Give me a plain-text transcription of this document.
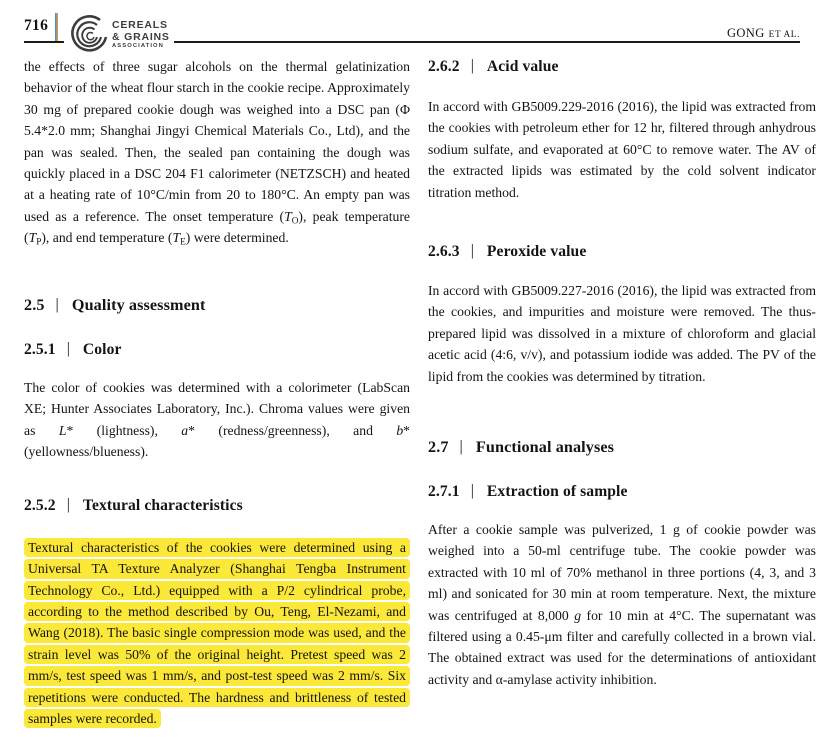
716	CEREALS
& GRAINS
ASSOCIATION
GONG ET AL.

the effects of three sugar alcohols on the thermal gelatinization behavior of the wheat flour starch in the cookie recipe. Approximately 30 mg of prepared cookie dough was weighed into a DSC pan (Φ 5.4*2.0 mm; Shanghai Jingyi Chemical Materials Co., Ltd), and the pan was sealed. Then, the sealed pan containing the dough was quickly placed in a DSC 204 F1 calorimeter (NETZSCH) and heated at a heating rate of 10°C/min from 20 to 180°C. An empty pan was used as a reference. The onset temperature $(T_O)$, peak temperature $(T_P)$, and end temperature $(T_E)$ were determined.

2.5 | Quality assessment
2.5.1 | Color

The color of cookies was determined with a colorimeter (LabScan XE; Hunter Associates Laboratory, Inc.). Chroma values were given as L* (lightness), a* (redness/greenness), and b* (yellowness/blueness).

2.5.2 | Textural characteristics

Textural characteristics of the cookies were determined using a Universal TA Texture Analyzer (Shanghai Tengba Instrument Technology Co., Ltd.) equipped with a P/2 cylindrical probe, according to the method described by Ou, Teng, El-Nezami, and Wang (2018). The basic single compression mode was used, and the strain level was 50% of the original height. Pretest speed was 2 mm/s, test speed was 1 mm/s, and post-test speed was 2 mm/s. Six repetitions were conducted. The hardness and brittleness of tested samples were recorded.

2.6.2 | Acid value

In accord with GB5009.229-2016 (2016), the lipid was extracted from the cookies with petroleum ether for 12 hr, filtered through anhydrous sodium sulfate, and evaporated at 60°C to remove water. The AV of the extracted lipids was estimated by the cold solvent indicator titration method.

2.6.3 | Peroxide value

In accord with GB5009.227-2016 (2016), the lipid was extracted from the cookies, and impurities and moisture were removed. The thus-prepared lipid was dissolved in a mixture of chloroform and glacial acetic acid (4:6, v/v), and potassium iodide was added. The PV of the lipid from the cookies was determined by titration.

2.7 | Functional analyses
2.7.1 | Extraction of sample

After a cookie sample was pulverized, 1 g of cookie powder was weighed into a 50-ml centrifuge tube. The cookie powder was extracted with 10 ml of 70% methanol in three portions (4, 3, and 3 ml) and sonicated for 30 min at room temperature. Next, the mixture was centrifuged at 8,000 g for 10 min at 4°C. The supernatant was filtered using a 0.45-μm filter and carefully collected in a brown vial. The obtained extract was used for the determinations of antioxidant activity and α-amylase activity inhibition.
